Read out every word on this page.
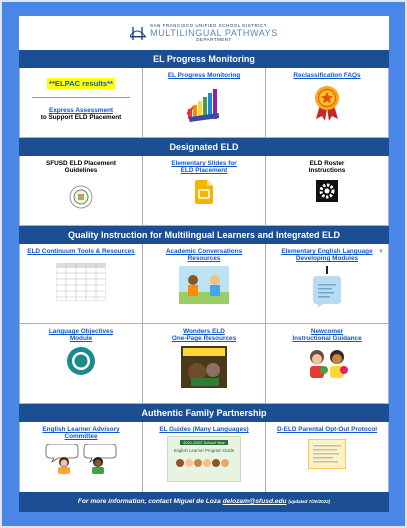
SAN FRANCISCO UNIFIED SCHOOL DISTRICT
MULTILINGUAL PATHWAYS
DEPARTMENT
EL Progress Monitoring
**ELPAC results**
Express Assessment
to Support ELD Placement
EL Progress Monitoring	Reclassification FAQs
Designated ELD
SFUSD ELD Placement
Guidelines
Elementary Slides for
ELD Placement
ELD Roster
Instructions
Quality Instruction for Multilingual Learners and Integrated ELD
ELD Continuum Tools & Resources	Academic Conversations
Resources
▼
Elementary English Language
Developing Modules
Language Objectives
Module
Wonders ELD
One-Page Resources
Newcomer
Instructional Guidance
Authentic Family Partnership
English Learner Advisory
Committee
EL Guides (Many Languages)
2021-2022 School Year
English Learner Program Guide
D-ELD Parental Opt-Out Protocol
For more information, contact Miguel de Loza delozam@sfusd.edu (updated 7/20/2022)
